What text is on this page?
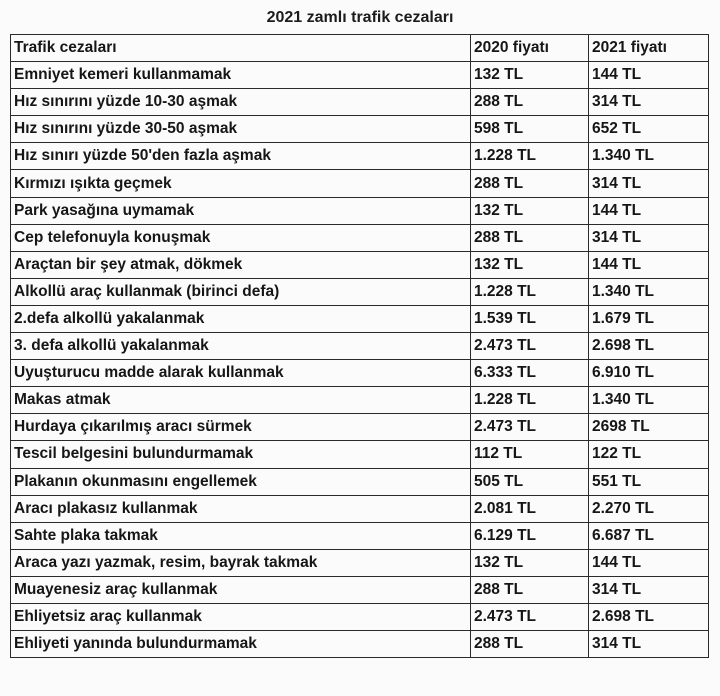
2021 zamlı trafik cezaları
Trafik cezaları	2020 fiyatı	2021 fiyatı
Emniyet kemeri kullanmamak	132 TL	144 TL
Hız sınırını yüzde 10-30 aşmak	288 TL	314 TL
Hız sınırını yüzde 30-50 aşmak	598 TL	652 TL
Hız sınırı yüzde 50'den fazla aşmak	1.228 TL	1.340 TL
Kırmızı ışıkta geçmek	288 TL	314 TL
Park yasağına uymamak	132 TL	144 TL
Cep telefonuyla konuşmak	288 TL	314 TL
Araçtan bir şey atmak, dökmek	132 TL	144 TL
Alkollü araç kullanmak (birinci defa)	1.228 TL	1.340 TL
2.defa alkollü yakalanmak	1.539 TL	1.679 TL
3. defa alkollü yakalanmak	2.473 TL	2.698 TL
Uyuşturucu madde alarak kullanmak	6.333 TL	6.910 TL
Makas atmak	1.228 TL	1.340 TL
Hurdaya çıkarılmış aracı sürmek	2.473 TL	2698 TL
Tescil belgesini bulundurmamak	112 TL	122 TL
Plakanın okunmasını engellemek	505 TL	551 TL
Aracı plakasız kullanmak	2.081 TL	2.270 TL
Sahte plaka takmak	6.129 TL	6.687 TL
Araca yazı yazmak, resim, bayrak takmak	132 TL	144 TL
Muayenesiz araç kullanmak	288 TL	314 TL
Ehliyetsiz araç kullanmak	2.473 TL	2.698 TL
Ehliyeti yanında bulundurmamak	288 TL	314 TL
